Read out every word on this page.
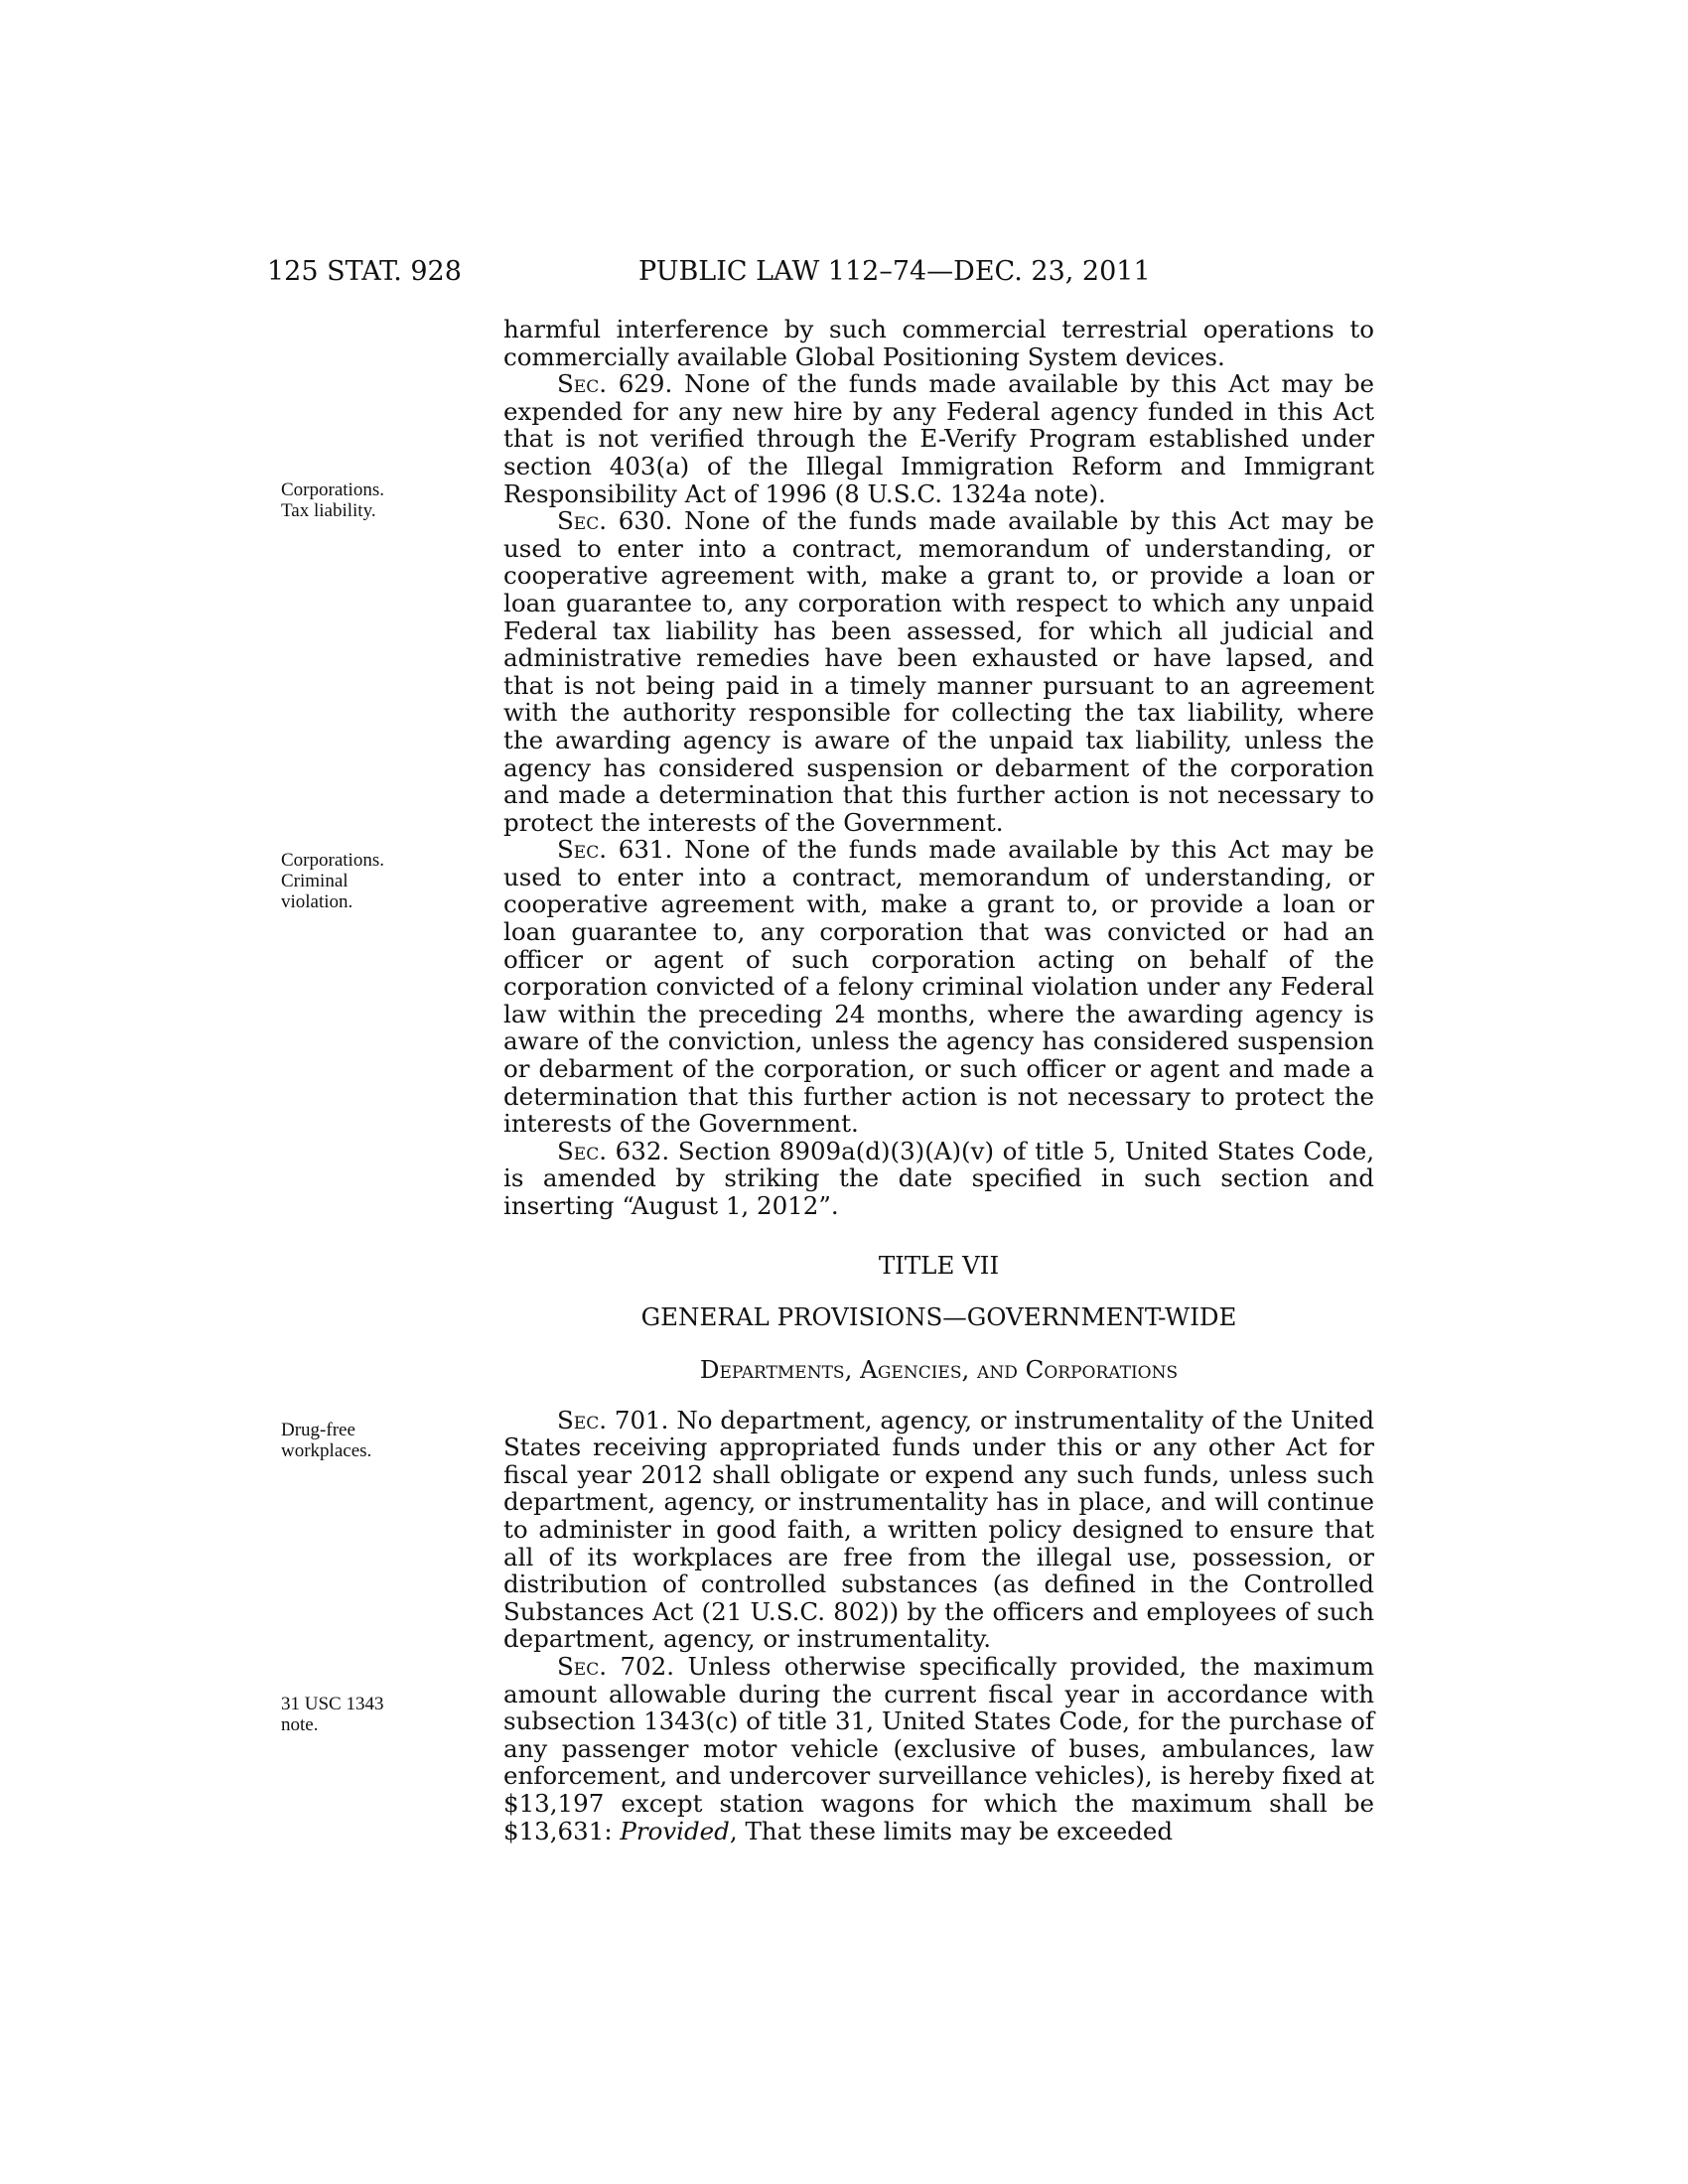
125 STAT. 928	PUBLIC LAW 112–74—DEC. 23, 2011
Corporations.
Tax liability.
Corporations.
Criminal
violation.
Drug-free
workplaces.
31 USC 1343
note.

harmful interference by such commercial terrestrial operations to commercially available Global Positioning System devices.

Sec. 629. None of the funds made available by this Act may be expended for any new hire by any Federal agency funded in this Act that is not verified through the E-Verify Program established under section 403(a) of the Illegal Immigration Reform and Immigrant Responsibility Act of 1996 (8 U.S.C. 1324a note).

Sec. 630. None of the funds made available by this Act may be used to enter into a contract, memorandum of understanding, or cooperative agreement with, make a grant to, or provide a loan or loan guarantee to, any corporation with respect to which any unpaid Federal tax liability has been assessed, for which all judicial and administrative remedies have been exhausted or have lapsed, and that is not being paid in a timely manner pursuant to an agreement with the authority responsible for collecting the tax liability, where the awarding agency is aware of the unpaid tax liability, unless the agency has considered suspension or debarment of the corporation and made a determination that this further action is not necessary to protect the interests of the Government.

Sec. 631. None of the funds made available by this Act may be used to enter into a contract, memorandum of understanding, or cooperative agreement with, make a grant to, or provide a loan or loan guarantee to, any corporation that was convicted or had an officer or agent of such corporation acting on behalf of the corporation convicted of a felony criminal violation under any Federal law within the preceding 24 months, where the awarding agency is aware of the conviction, unless the agency has considered suspension or debarment of the corporation, or such officer or agent and made a determination that this further action is not necessary to protect the interests of the Government.

Sec. 632. Section 8909a(d)(3)(A)(v) of title 5, United States Code, is amended by striking the date specified in such section and inserting “August 1, 2012”.

TITLE VII

GENERAL PROVISIONS—GOVERNMENT-WIDE

Departments, Agencies, and Corporations

Sec. 701. No department, agency, or instrumentality of the United States receiving appropriated funds under this or any other Act for fiscal year 2012 shall obligate or expend any such funds, unless such department, agency, or instrumentality has in place, and will continue to administer in good faith, a written policy designed to ensure that all of its workplaces are free from the illegal use, possession, or distribution of controlled substances (as defined in the Controlled Substances Act (21 U.S.C. 802)) by the officers and employees of such department, agency, or instrumentality.

Sec. 702. Unless otherwise specifically provided, the maximum amount allowable during the current fiscal year in accordance with subsection 1343(c) of title 31, United States Code, for the purchase of any passenger motor vehicle (exclusive of buses, ambulances, law enforcement, and undercover surveillance vehicles), is hereby fixed at $13,197 except station wagons for which the maximum shall be $13,631: Provided, That these limits may be exceeded
